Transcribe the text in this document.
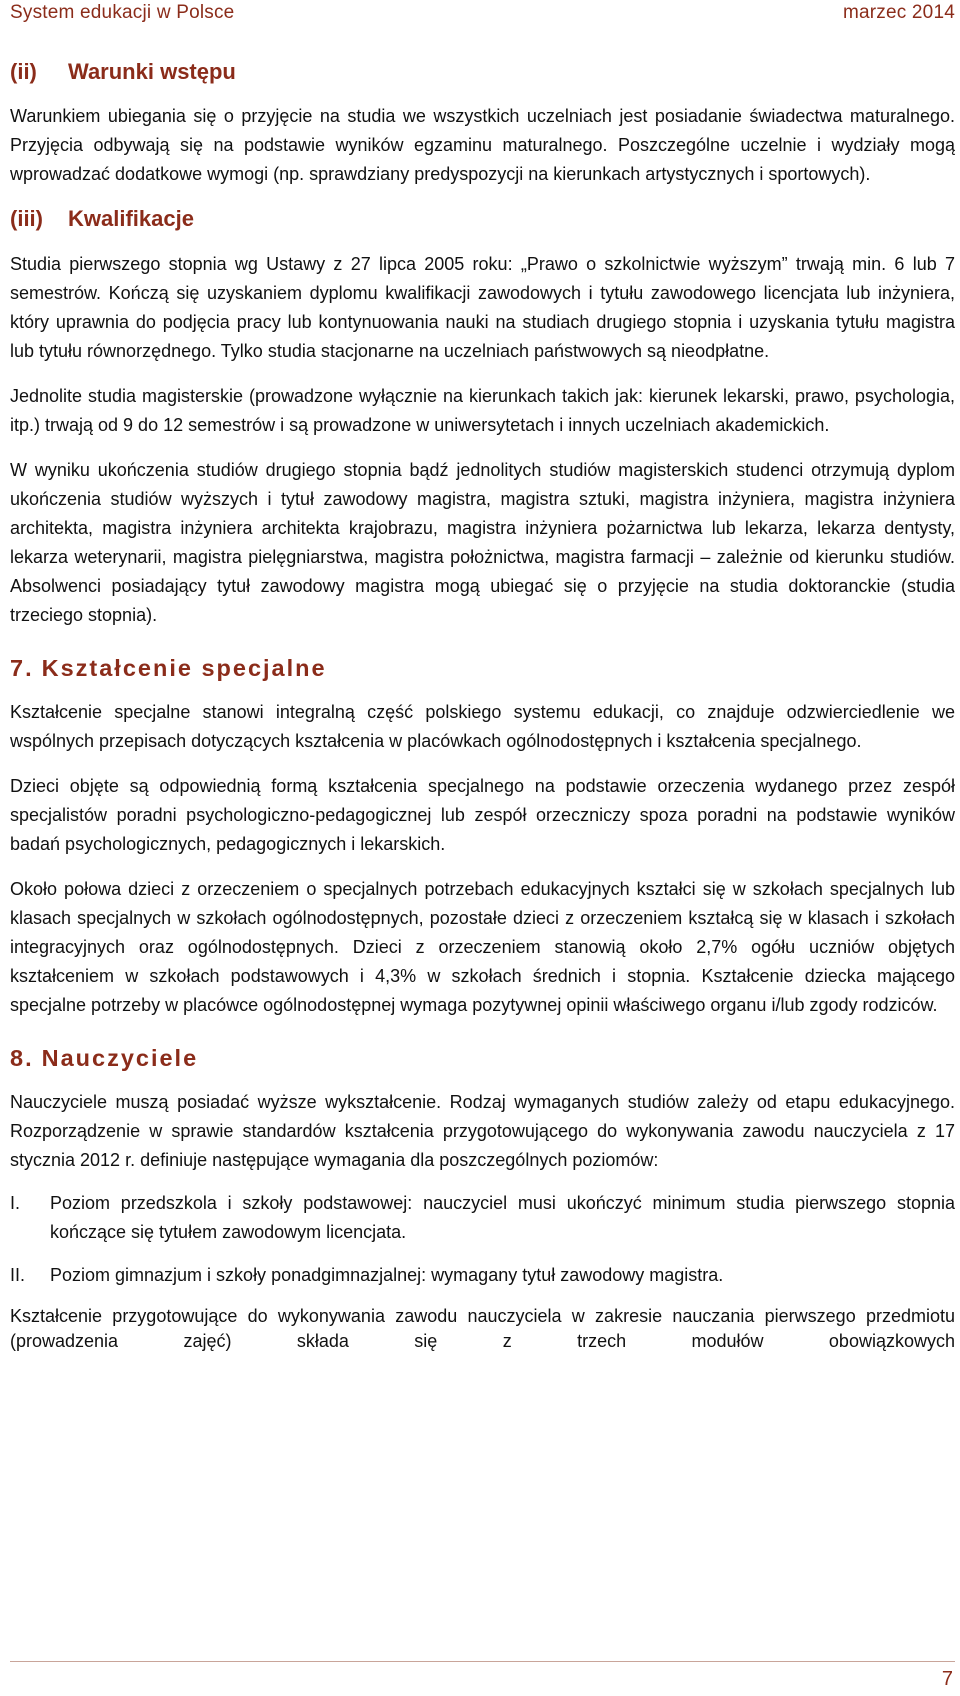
System edukacji w Polsce	marzec 2014
(ii)	Warunki wstępu

Warunkiem ubiegania się o przyjęcie na studia we wszystkich uczelniach jest posiadanie świadectwa maturalnego. Przyjęcia odbywają się na podstawie wyników egzaminu maturalnego. Poszczególne uczelnie i wydziały mogą wprowadzać dodatkowe wymogi (np. sprawdziany predyspozycji na kierunkach artystycznych i sportowych).

(iii)	Kwalifikacje

Studia pierwszego stopnia wg Ustawy z 27 lipca 2005 roku: „Prawo o szkolnictwie wyższym” trwają min. 6 lub 7 semestrów. Kończą się uzyskaniem dyplomu kwalifikacji zawodowych i tytułu zawodowego licencjata lub inżyniera, który uprawnia do podjęcia pracy lub kontynuowania nauki na studiach drugiego stopnia i uzyskania tytułu magistra lub tytułu równorzędnego. Tylko studia stacjonarne na uczelniach państwowych są nieodpłatne.

Jednolite studia magisterskie (prowadzone wyłącznie na kierunkach takich jak: kierunek lekarski, prawo, psychologia, itp.) trwają od 9 do 12 semestrów i są prowadzone w uniwersytetach i innych uczelniach akademickich.

W wyniku ukończenia studiów drugiego stopnia bądź jednolitych studiów magisterskich studenci otrzymują dyplom ukończenia studiów wyższych i tytuł zawodowy magistra, magistra sztuki, magistra inżyniera, magistra inżyniera architekta, magistra inżyniera architekta krajobrazu, magistra inżyniera pożarnictwa lub lekarza, lekarza dentysty, lekarza weterynarii, magistra pielęgniarstwa, magistra położnictwa, magistra farmacji – zależnie od kierunku studiów. Absolwenci posiadający tytuł zawodowy magistra mogą ubiegać się o przyjęcie na studia doktoranckie (studia trzeciego stopnia).

7. Kształcenie specjalne

Kształcenie specjalne stanowi integralną część polskiego systemu edukacji, co znajduje odzwierciedlenie we wspólnych przepisach dotyczących kształcenia w placówkach ogólnodostępnych i kształcenia specjalnego.

Dzieci objęte są odpowiednią formą kształcenia specjalnego na podstawie orzeczenia wydanego przez zespół specjalistów poradni psychologiczno-pedagogicznej lub zespół orzeczniczy spoza poradni na podstawie wyników badań psychologicznych, pedagogicznych i lekarskich.

Około połowa dzieci z orzeczeniem o specjalnych potrzebach edukacyjnych kształci się w szkołach specjalnych lub klasach specjalnych w szkołach ogólnodostępnych, pozostałe dzieci z orzeczeniem kształcą się w klasach i szkołach integracyjnych oraz ogólnodostępnych. Dzieci z orzeczeniem stanowią około 2,7% ogółu uczniów objętych kształceniem w szkołach podstawowych i 4,3% w szkołach średnich i stopnia. Kształcenie dziecka mającego specjalne potrzeby w placówce ogólnodostępnej wymaga pozytywnej opinii właściwego organu i/lub zgody rodziców.

8. Nauczyciele

Nauczyciele muszą posiadać wyższe wykształcenie. Rodzaj wymaganych studiów zależy od etapu edukacyjnego. Rozporządzenie w sprawie standardów kształcenia przygotowującego do wykonywania zawodu nauczyciela z 17 stycznia 2012 r. definiuje następujące wymagania dla poszczególnych poziomów:

I.	Poziom przedszkola i szkoły podstawowej: nauczyciel musi ukończyć minimum studia pierwszego stopnia kończące się tytułem zawodowym licencjata.
II.	Poziom gimnazjum i szkoły ponadgimnazjalnej: wymagany tytuł zawodowy magistra.

Kształcenie przygotowujące do wykonywania zawodu nauczyciela w zakresie nauczania pierwszego przedmiotu (prowadzenia zajęć) składa się z trzech modułów obowiązkowych

7
